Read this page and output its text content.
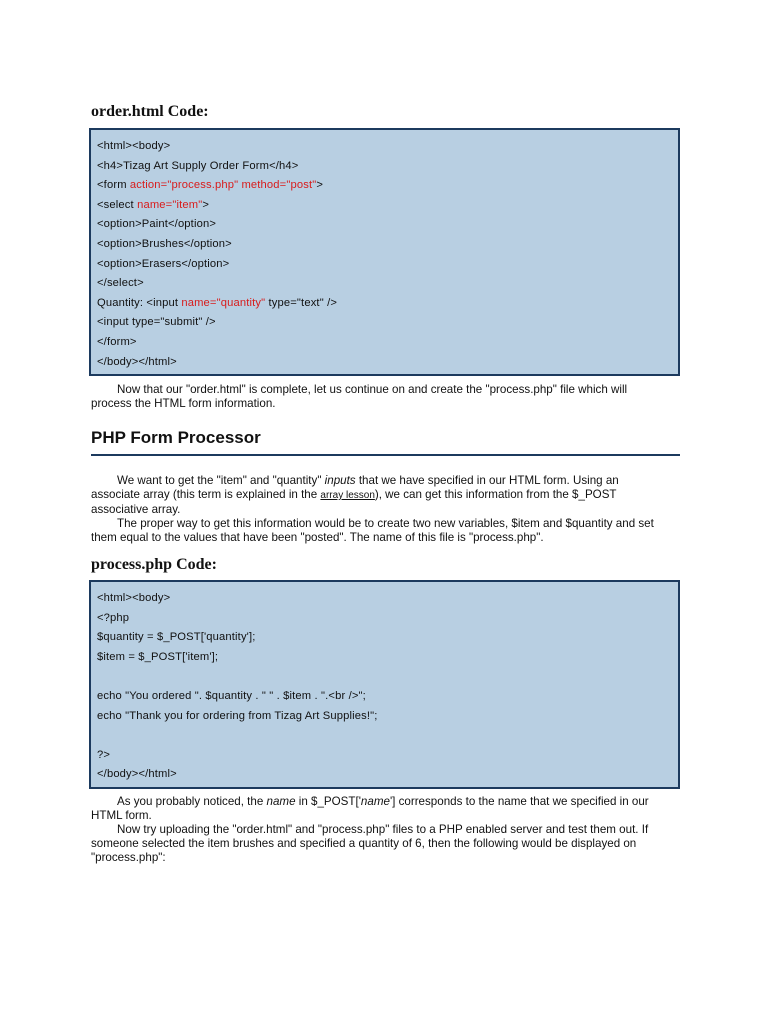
order.html Code:
<html><body>
<h4>Tizag Art Supply Order Form</h4>
<form action="process.php" method="post">
<select name="item">
<option>Paint</option>
<option>Brushes</option>
<option>Erasers</option>
</select>
Quantity: <input name="quantity" type="text" />
<input type="submit" />
</form>
</body></html>

Now that our "order.html" is complete, let us continue on and create the "process.php" file which will
process the HTML form information.

PHP Form Processor

We want to get the "item" and "quantity" inputs that we have specified in our HTML form. Using an
associate array (this term is explained in the array lesson), we can get this information from the $_POST
associative array.
The proper way to get this information would be to create two new variables, $item and $quantity and set
them equal to the values that have been "posted". The name of this file is "process.php".

process.php Code:
<html><body>
<?php
$quantity = $_POST['quantity'];
$item = $_POST['item'];
echo "You ordered ". $quantity . " " . $item . ".<br />";
echo "Thank you for ordering from Tizag Art Supplies!";
?>
</body></html>

As you probably noticed, the name in $_POST['name'] corresponds to the name that we specified in our
HTML form.
Now try uploading the "order.html" and "process.php" files to a PHP enabled server and test them out. If
someone selected the item brushes and specified a quantity of 6, then the following would be displayed on
"process.php":
